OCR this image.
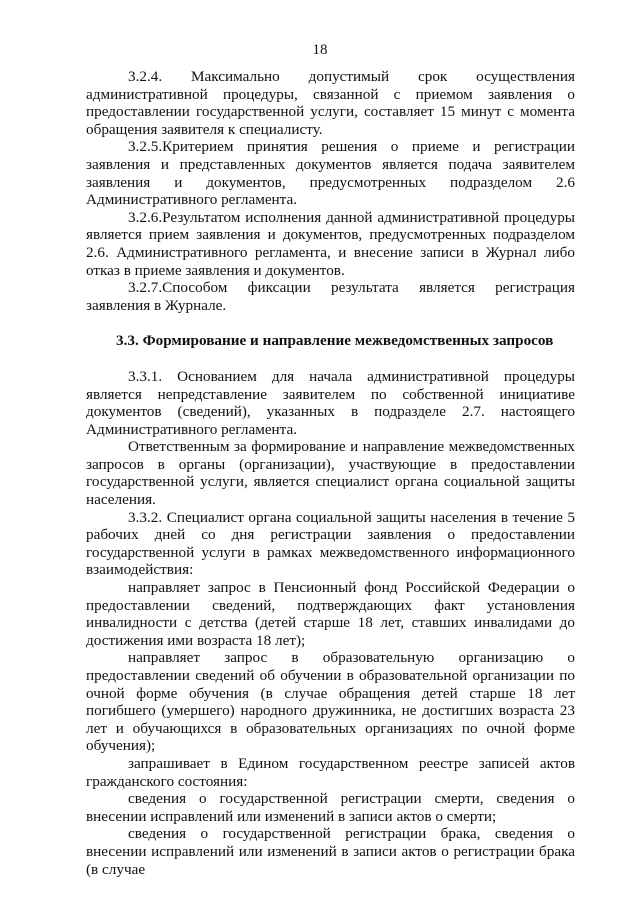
18

3.2.4. Максимально допустимый срок осуществления административной процедуры, связанной с приемом заявления о предоставлении государственной услуги, составляет 15 минут с момента обращения заявителя к специалисту.

3.2.5.Критерием принятия решения о приеме и регистрации заявления и представленных документов является подача заявителем заявления и документов, предусмотренных подразделом 2.6 Административного регламента.

3.2.6.Результатом исполнения данной административной процедуры является прием заявления и документов, предусмотренных подразделом 2.6. Административного регламента, и внесение записи в Журнал либо отказ в приеме заявления и документов.

3.2.7.Способом фиксации результата является регистрация заявления в Журнале.

3.3. Формирование и направление межведомственных запросов

3.3.1. Основанием для начала административной процедуры является непредставление заявителем по собственной инициативе документов (сведений), указанных в подразделе 2.7. настоящего Административного регламента.

Ответственным за формирование и направление межведомственных запросов в органы (организации), участвующие в предоставлении государственной услуги, является специалист органа социальной защиты населения.

3.3.2. Специалист органа социальной защиты населения в течение 5 рабочих дней со дня регистрации заявления о предоставлении государственной услуги в рамках межведомственного информационного взаимодействия:

направляет запрос в Пенсионный фонд Российской Федерации о предоставлении сведений, подтверждающих факт установления инвалидности с детства (детей старше 18 лет, ставших инвалидами до достижения ими возраста 18 лет);

направляет запрос в образовательную организацию о предоставлении сведений об обучении в образовательной организации по очной форме обучения (в случае обращения детей старше 18 лет погибшего (умершего) народного дружинника, не достигших возраста 23 лет и обучающихся в образовательных организациях по очной форме обучения);

запрашивает в Едином государственном реестре записей актов гражданского состояния:

сведения о государственной регистрации смерти, сведения о внесении исправлений или изменений в записи актов о смерти;

сведения о государственной регистрации брака, сведения о внесении исправлений или изменений в записи актов о регистрации брака (в случае
